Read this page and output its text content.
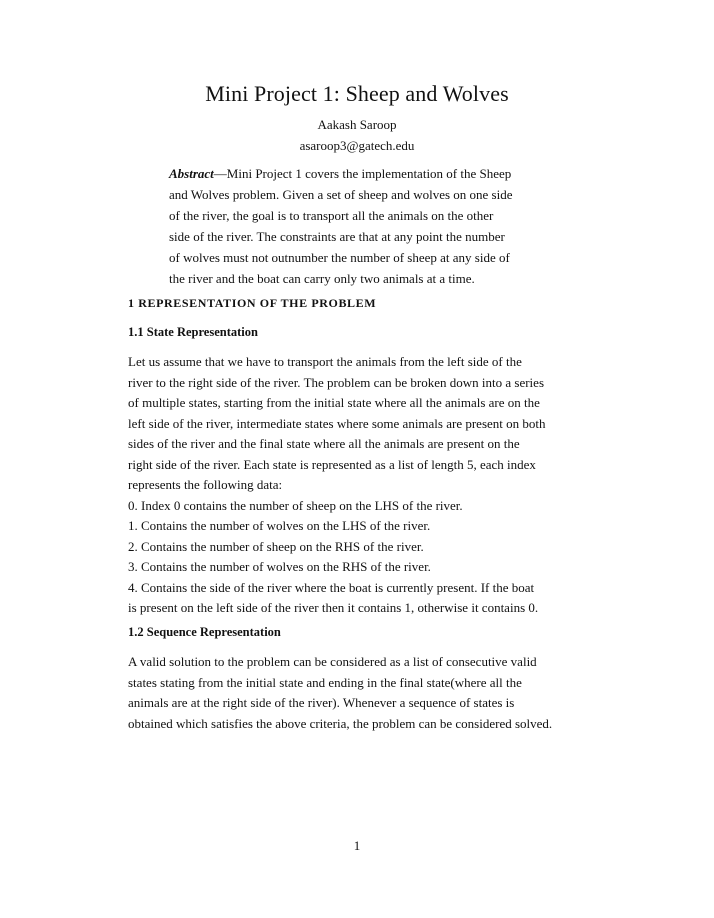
Mini Project 1: Sheep and Wolves
Aakash Saroop
asaroop3@gatech.edu
Abstract—Mini Project 1 covers the implementation of the Sheep
and Wolves problem. Given a set of sheep and wolves on one side
of the river, the goal is to transport all the animals on the other
side of the river. The constraints are that at any point the number
of wolves must not outnumber the number of sheep at any side of
the river and the boat can carry only two animals at a time.
1 REPRESENTATION OF THE PROBLEM
1.1 State Representation
Let us assume that we have to transport the animals from the left side of the
river to the right side of the river. The problem can be broken down into a series
of multiple states, starting from the initial state where all the animals are on the
left side of the river, intermediate states where some animals are present on both
sides of the river and the final state where all the animals are present on the
right side of the river. Each state is represented as a list of length 5, each index
represents the following data:
0. Index 0 contains the number of sheep on the LHS of the river.
1. Contains the number of wolves on the LHS of the river.
2. Contains the number of sheep on the RHS of the river.
3. Contains the number of wolves on the RHS of the river.
4. Contains the side of the river where the boat is currently present. If the boat
is present on the left side of the river then it contains 1, otherwise it contains 0.
1.2 Sequence Representation
A valid solution to the problem can be considered as a list of consecutive valid
states stating from the initial state and ending in the final state(where all the
animals are at the right side of the river). Whenever a sequence of states is
obtained which satisfies the above criteria, the problem can be considered solved.
1
